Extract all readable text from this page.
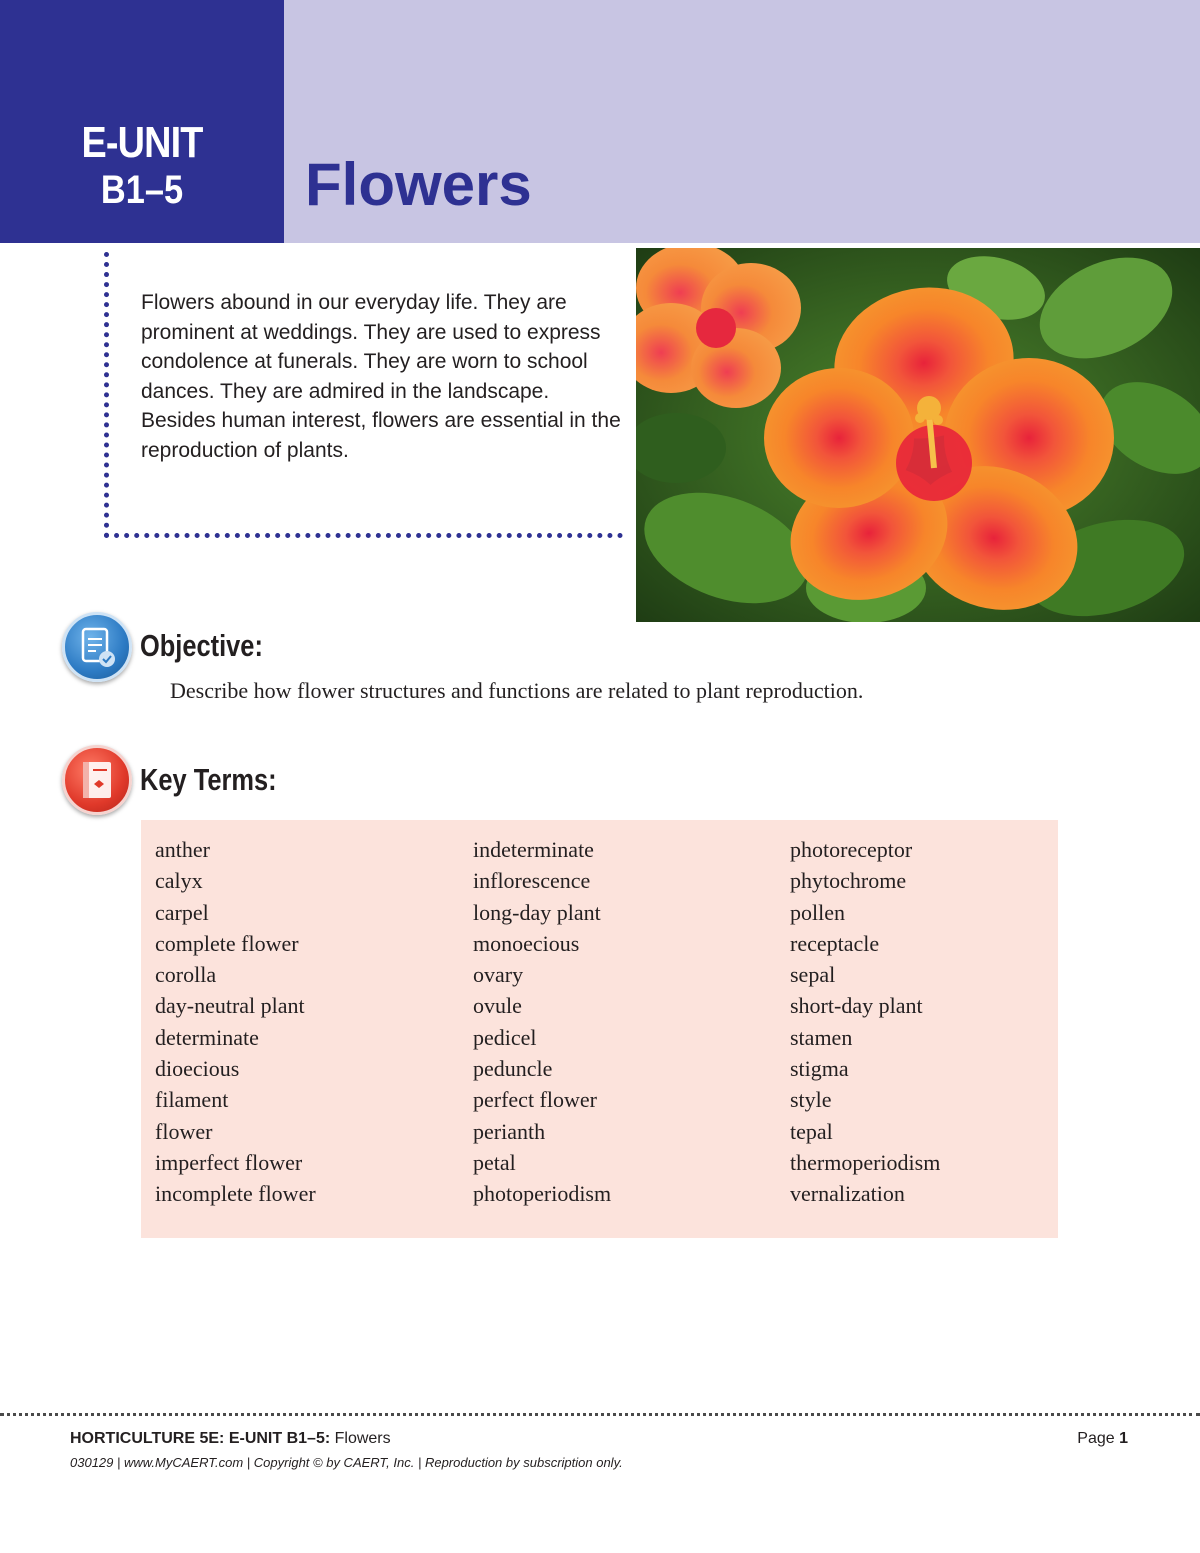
E-UNIT
B1–5	Flowers
Flowers abound in our everyday life. They are prominent at weddings. They are used to express condolence at funerals. They are worn to school dances. They are admired in the landscape. Besides human interest, flowers are essential in the reproduction of plants.
Objective:
Describe how flower structures and functions are related to plant reproduction.
Key Terms:
anther
calyx
carpel
complete flower
corolla
day-neutral plant
determinate
dioecious
filament
flower
imperfect flower
incomplete flower
indeterminate
inflorescence
long-day plant
monoecious
ovary
ovule
pedicel
peduncle
perfect flower
perianth
petal
photoperiodism
photoreceptor
phytochrome
pollen
receptacle
sepal
short-day plant
stamen
stigma
style
tepal
thermoperiodism
vernalization
HORTICULTURE 5E: E-UNIT B1–5: Flowers	Page 1
030129 | www.MyCAERT.com | Copyright © by CAERT, Inc. | Reproduction by subscription only.
